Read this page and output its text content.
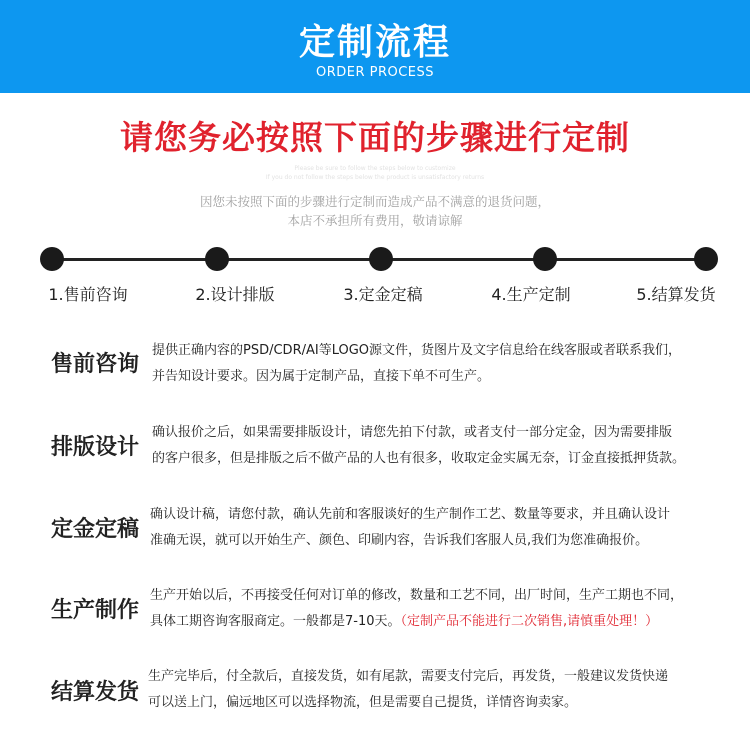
定制流程
ORDER PROCESS
请您务必按照下面的步骤进行定制
Please be sure to follow the steps below to customize
If you do not follow the steps below the product is unsatisfactory returns
因您未按照下面的步骤进行定制而造成产品不满意的退货问题，
本店不承担所有费用，敬请谅解
1.售前咨询	2.设计排版	3.定金定稿	4.生产定制	5.结算发货
售前咨询
提供正确内容的PSD/CDR/AI等LOGO源文件，货图片及文字信息给在线客服或者联系我们，
并告知设计要求。因为属于定制产品，直接下单不可生产。
排版设计
确认报价之后，如果需要排版设计，请您先拍下付款，或者支付一部分定金，因为需要排版
的客户很多，但是排版之后不做产品的人也有很多，收取定金实属无奈，订金直接抵押货款。
定金定稿
确认设计稿，请您付款，确认先前和客服谈好的生产制作工艺、数量等要求，并且确认设计
准确无误，就可以开始生产、颜色、印刷内容，告诉我们客服人员,我们为您准确报价。
生产制作
生产开始以后，不再接受任何对订单的修改，数量和工艺不同，出厂时间，生产工期也不同，
具体工期咨询客服商定。一般都是7-10天。（定制产品不能进行二次销售,请慎重处理！）
结算发货
生产完毕后，付全款后，直接发货，如有尾款，需要支付完后，再发货，一般建议发货快递
可以送上门，偏远地区可以选择物流，但是需要自己提货，详情咨询卖家。
